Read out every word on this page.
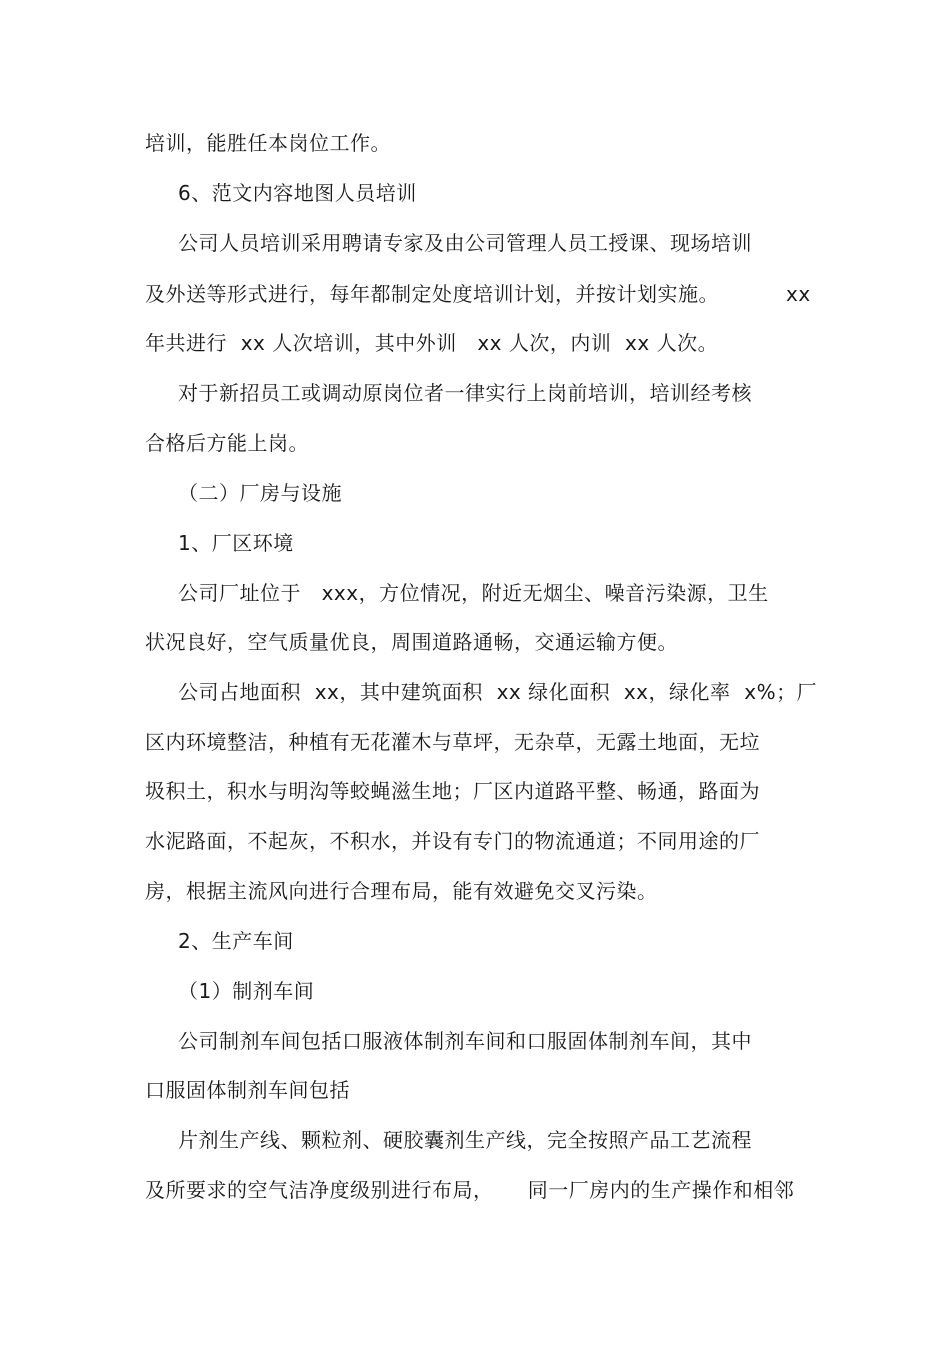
培训，能胜任本岗位工作。
6、范文内容地图人员培训
公司人员培训采用聘请专家及由公司管理人员工授课、现场培训
及外送等形式进行，每年都制定处度培训计划，并按计划实施。	xx
年共进行  xx 人次培训，其中外训   xx 人次，内训  xx 人次。
对于新招员工或调动原岗位者一律实行上岗前培训，培训经考核
合格后方能上岗。
（二）厂房与设施
1、厂区环境
公司厂址位于   xxx，方位情况，附近无烟尘、噪音污染源，卫生
状况良好，空气质量优良，周围道路通畅，交通运输方便。
公司占地面积  xx，其中建筑面积  xx 绿化面积  xx，绿化率  x%；厂
区内环境整洁，种植有无花灌木与草坪，无杂草，无露土地面，无垃
圾积土，积水与明沟等蛟蝇滋生地；厂区内道路平整、畅通，路面为
水泥路面，不起灰，不积水，并设有专门的物流通道；不同用途的厂
房，根据主流风向进行合理布局，能有效避免交叉污染。
2、生产车间
（1）制剂车间
公司制剂车间包括口服液体制剂车间和口服固体制剂车间，其中
口服固体制剂车间包括
片剂生产线、颗粒剂、硬胶囊剂生产线，完全按照产品工艺流程
及所要求的空气洁净度级别进行布局，     同一厂房内的生产操作和相邻
